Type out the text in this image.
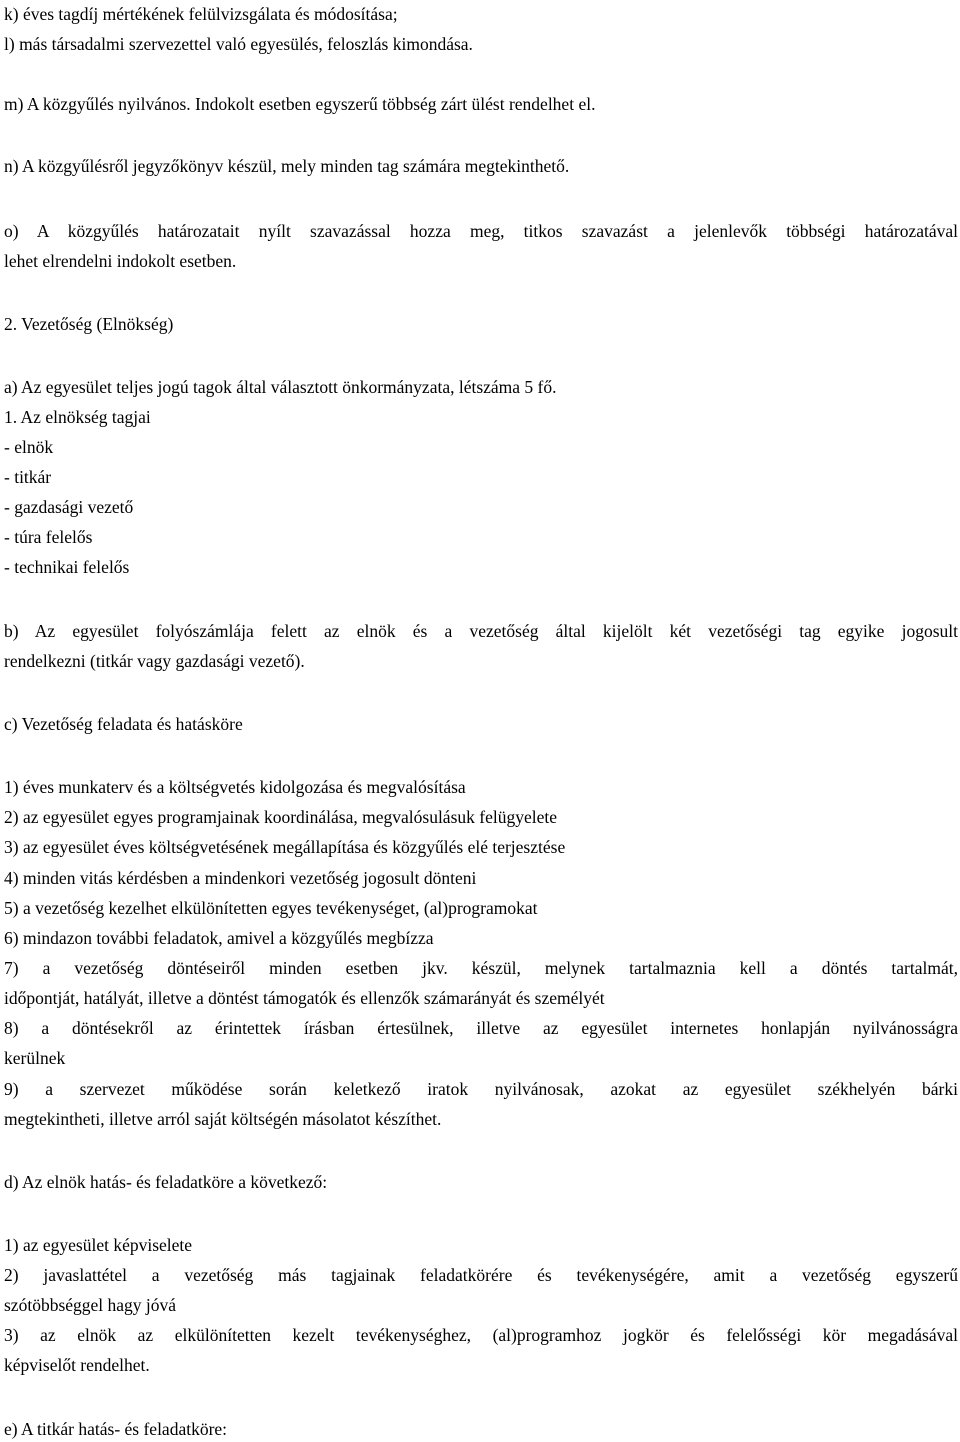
k) éves tagdíj mértékének felülvizsgálata és módosítása;
l) más társadalmi szervezettel való egyesülés, feloszlás kimondása.
m) A közgyűlés nyilvános. Indokolt esetben egyszerű többség zárt ülést rendelhet el.
n) A közgyűlésről jegyzőkönyv készül, mely minden tag számára megtekinthető.
o) A közgyűlés határozatait nyílt szavazással hozza meg, titkos szavazást a jelenlevők többségi határozatával
lehet elrendelni indokolt esetben.
2. Vezetőség (Elnökség)
a) Az egyesület teljes jogú tagok által választott önkormányzata, létszáma 5 fő.
1. Az elnökség tagjai
- elnök
- titkár
- gazdasági vezető
- túra felelős
- technikai felelős
b) Az egyesület folyószámlája felett az elnök és a vezetőség által kijelölt két vezetőségi tag egyike jogosult
rendelkezni (titkár vagy gazdasági vezető).
c) Vezetőség feladata és hatásköre
1) éves munkaterv és a költségvetés kidolgozása és megvalósítása
2) az egyesület egyes programjainak koordinálása, megvalósulásuk felügyelete
3) az egyesület éves költségvetésének megállapítása és közgyűlés elé terjesztése
4) minden vitás kérdésben a mindenkori vezetőség jogosult dönteni
5) a vezetőség kezelhet elkülönítetten egyes tevékenységet, (al)programokat
6) mindazon további feladatok, amivel a közgyűlés megbízza
7) a vezetőség döntéseiről minden esetben jkv. készül, melynek tartalmaznia kell a döntés tartalmát,
időpontját, hatályát, illetve a döntést támogatók és ellenzők számarányát és személyét
8) a döntésekről az érintettek írásban értesülnek, illetve az egyesület internetes honlapján nyilvánosságra
kerülnek
9) a szervezet működése során keletkező iratok nyilvánosak, azokat az egyesület székhelyén bárki
megtekintheti, illetve arról saját költségén másolatot készíthet.
d) Az elnök hatás- és feladatköre a következő:
1) az egyesület képviselete
2) javaslattétel a vezetőség más tagjainak feladatkörére és tevékenységére, amit a vezetőség egyszerű
szótöbbséggel hagy jóvá
3) az elnök az elkülönítetten kezelt tevékenységhez, (al)programhoz jogkör és felelősségi kör megadásával
képviselőt rendelhet.
e) A titkár hatás- és feladatköre:
